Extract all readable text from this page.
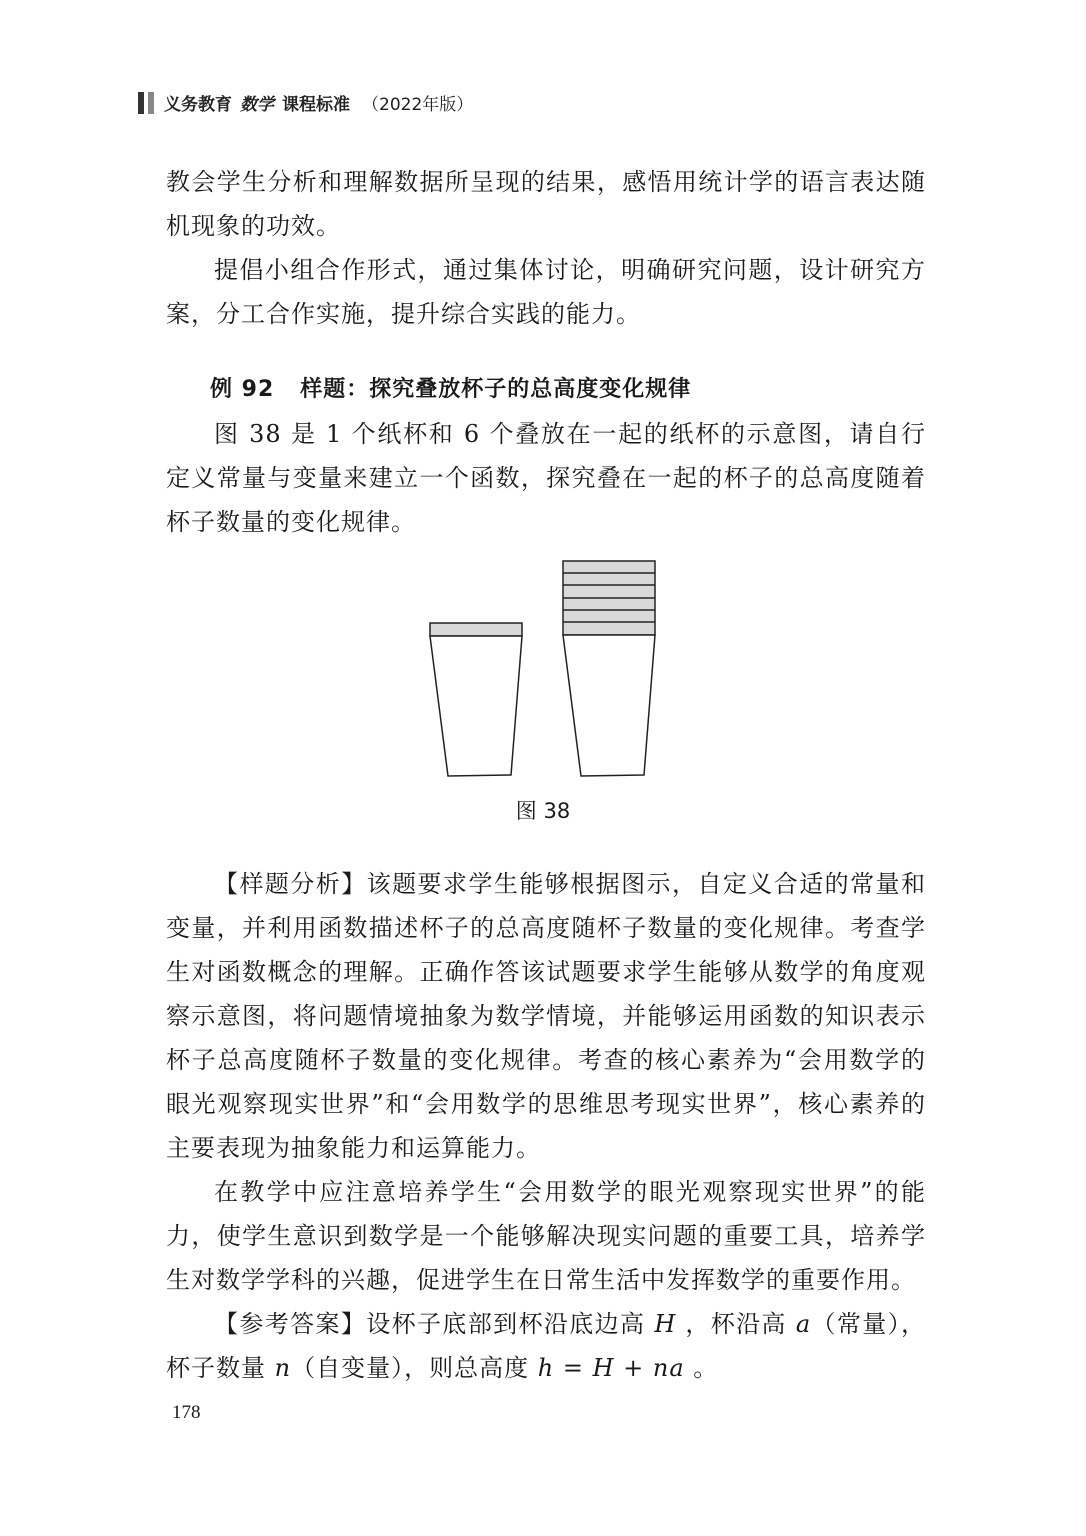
义务教育 数学 课程标准 （2022年版）

教会学生分析和理解数据所呈现的结果，感悟用统计学的语言表达随机现象的功效。

提倡小组合作形式，通过集体讨论，明确研究问题，设计研究方案，分工合作实施，提升综合实践的能力。

例 92 样题：探究叠放杯子的总高度变化规律

图 38 是 1 个纸杯和 6 个叠放在一起的纸杯的示意图，请自行定义常量与变量来建立一个函数，探究叠在一起的杯子的总高度随着杯子数量的变化规律。

图 38

【样题分析】该题要求学生能够根据图示，自定义合适的常量和变量，并利用函数描述杯子的总高度随杯子数量的变化规律。考查学生对函数概念的理解。正确作答该试题要求学生能够从数学的角度观察示意图，将问题情境抽象为数学情境，并能够运用函数的知识表示杯子总高度随杯子数量的变化规律。考查的核心素养为“会用数学的眼光观察现实世界”和“会用数学的思维思考现实世界”，核心素养的主要表现为抽象能力和运算能力。

在教学中应注意培养学生“会用数学的眼光观察现实世界”的能力，使学生意识到数学是一个能够解决现实问题的重要工具，培养学生对数学学科的兴趣，促进学生在日常生活中发挥数学的重要作用。

【参考答案】设杯子底部到杯沿底边高 H ，杯沿高 a（常量），杯子数量 n（自变量），则总高度 h = H + na 。

178
